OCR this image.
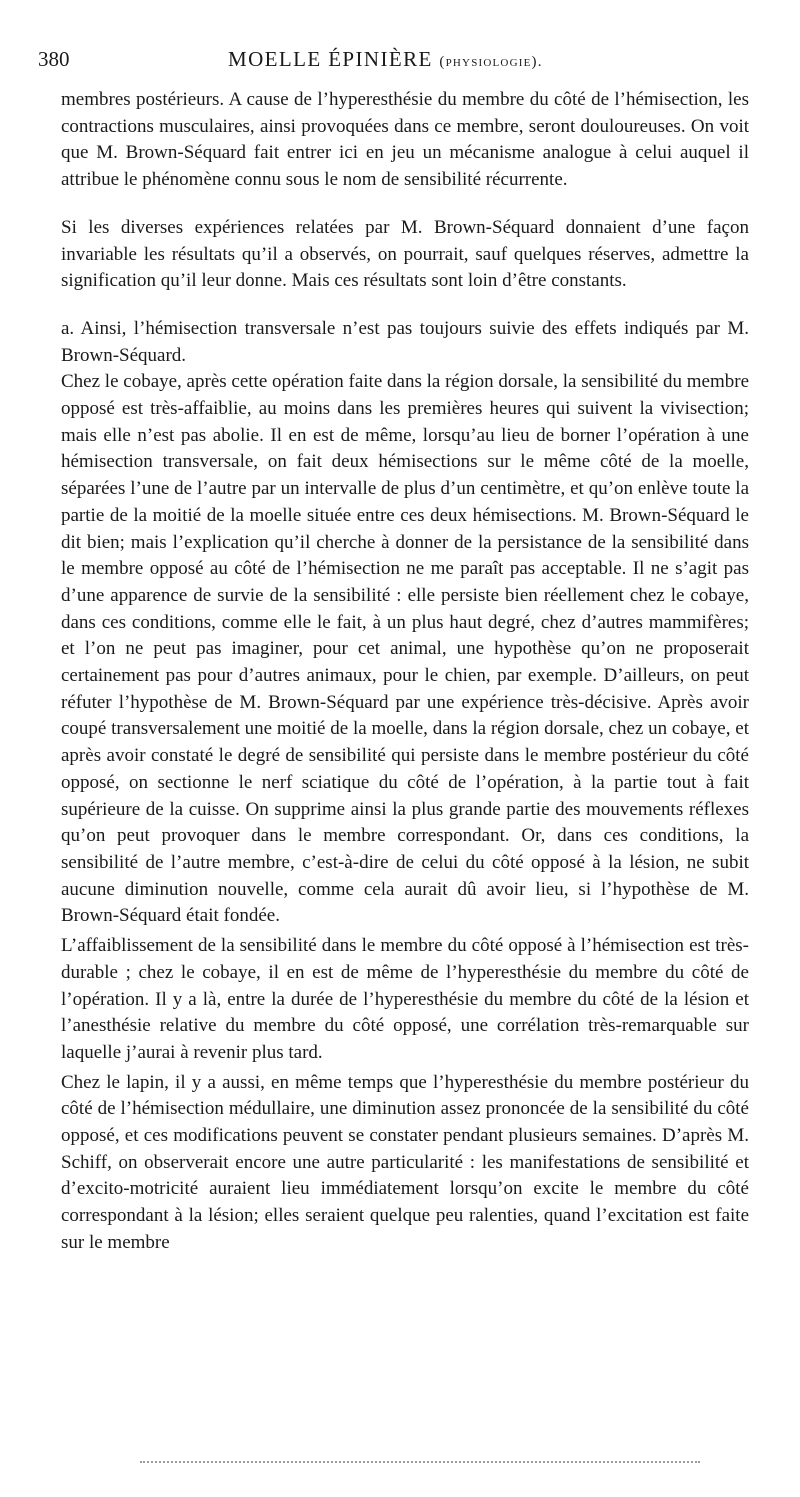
380	MOELLE ÉPINIÈRE (physiologie).

membres postérieurs. A cause de l’hyperesthésie du membre du côté de l’hémisection, les contractions musculaires, ainsi provoquées dans ce membre, seront douloureuses. On voit que M. Brown-Séquard fait entrer ici en jeu un mécanisme analogue à celui auquel il attribue le phénomène connu sous le nom de sensibilité récurrente.

Si les diverses expériences relatées par M. Brown-Séquard donnaient d’une façon invariable les résultats qu’il a observés, on pourrait, sauf quelques réserves, admettre la signification qu’il leur donne. Mais ces résultats sont loin d’être constants.

a. Ainsi, l’hémisection transversale n’est pas toujours suivie des effets indiqués par M. Brown-Séquard.

Chez le cobaye, après cette opération faite dans la région dorsale, la sensibilité du membre opposé est très-affaiblie, au moins dans les premières heures qui suivent la vivisection; mais elle n’est pas abolie. Il en est de même, lorsqu’au lieu de borner l’opération à une hémisection transversale, on fait deux hémisections sur le même côté de la moelle, séparées l’une de l’autre par un intervalle de plus d’un centimètre, et qu’on enlève toute la partie de la moitié de la moelle située entre ces deux hémisections. M. Brown-Séquard le dit bien; mais l’explication qu’il cherche à donner de la persistance de la sensibilité dans le membre opposé au côté de l’hémisection ne me paraît pas acceptable. Il ne s’agit pas d’une apparence de survie de la sensibilité : elle persiste bien réellement chez le cobaye, dans ces conditions, comme elle le fait, à un plus haut degré, chez d’autres mammifères; et l’on ne peut pas imaginer, pour cet animal, une hypothèse qu’on ne proposerait certainement pas pour d’autres animaux, pour le chien, par exemple. D’ailleurs, on peut réfuter l’hypothèse de M. Brown-Séquard par une expérience très-décisive. Après avoir coupé transversalement une moitié de la moelle, dans la région dorsale, chez un cobaye, et après avoir constaté le degré de sensibilité qui persiste dans le membre postérieur du côté opposé, on sectionne le nerf sciatique du côté de l’opération, à la partie tout à fait supérieure de la cuisse. On supprime ainsi la plus grande partie des mouvements réflexes qu’on peut provoquer dans le membre correspondant. Or, dans ces conditions, la sensibilité de l’autre membre, c’est-à-dire de celui du côté opposé à la lésion, ne subit aucune diminution nouvelle, comme cela aurait dû avoir lieu, si l’hypothèse de M. Brown-Séquard était fondée.

L’affaiblissement de la sensibilité dans le membre du côté opposé à l’hémisection est très-durable ; chez le cobaye, il en est de même de l’hyperesthésie du membre du côté de l’opération. Il y a là, entre la durée de l’hyperesthésie du membre du côté de la lésion et l’anesthésie relative du membre du côté opposé, une corrélation très-remarquable sur laquelle j’aurai à revenir plus tard.

Chez le lapin, il y a aussi, en même temps que l’hyperesthésie du membre postérieur du côté de l’hémisection médullaire, une diminution assez prononcée de la sensibilité du côté opposé, et ces modifications peuvent se constater pendant plusieurs semaines. D’après M. Schiff, on observerait encore une autre particularité : les manifestations de sensibilité et d’excito-motricité auraient lieu immédiatement lorsqu’on excite le membre du côté correspondant à la lésion; elles seraient quelque peu ralenties, quand l’excitation est faite sur le membre
